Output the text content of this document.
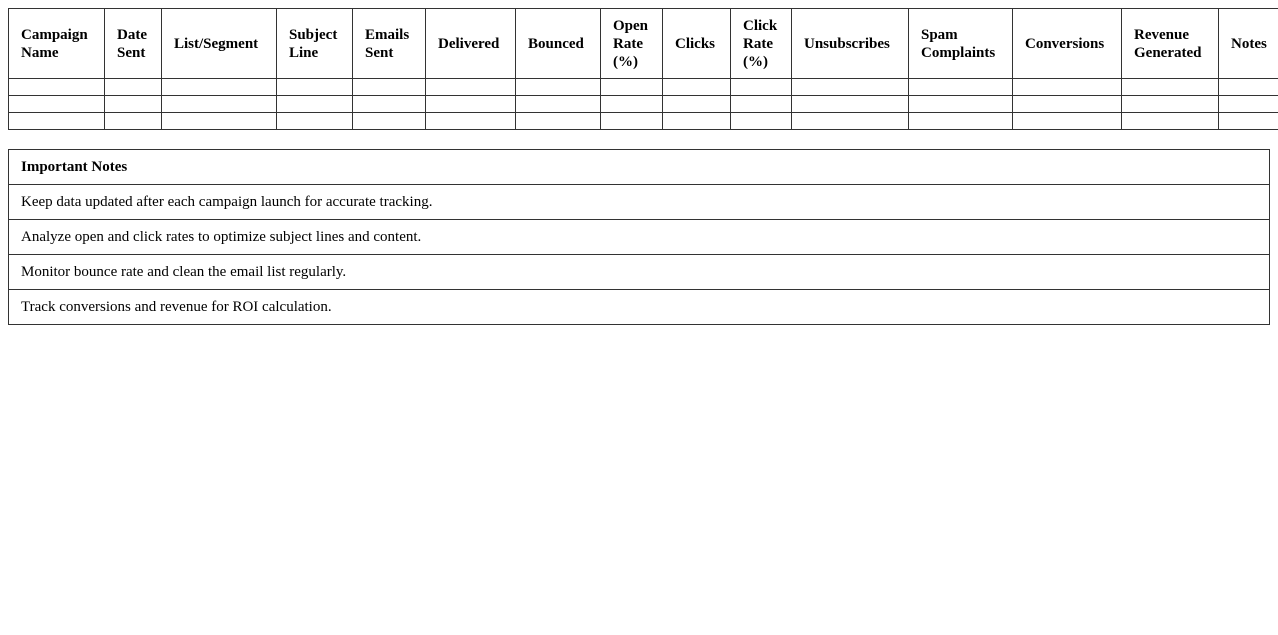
Campaign Name	Date Sent	List/Segment	Subject Line	Emails Sent	Delivered	Bounced	Open Rate (%)	Clicks	Click Rate (%)	Unsubscribes	Spam Complaints	Conversions	Revenue Generated	Notes

Important Notes
Keep data updated after each campaign launch for accurate tracking.
Analyze open and click rates to optimize subject lines and content.
Monitor bounce rate and clean the email list regularly.
Track conversions and revenue for ROI calculation.
